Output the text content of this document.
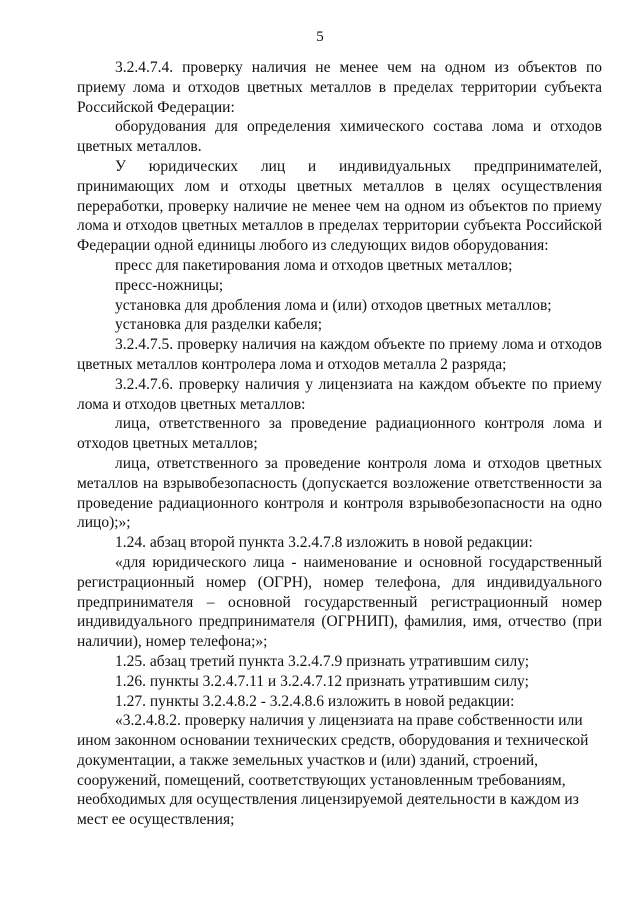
5

3.2.4.7.4. проверку наличия не менее чем на одном из объектов по приему лома и отходов цветных металлов в пределах территории субъекта Российской Федерации:

оборудования для определения химического состава лома и отходов цветных металлов.

У юридических лиц и индивидуальных предпринимателей, принимающих лом и отходы цветных металлов в целях осуществления переработки, проверку наличие не менее чем на одном из объектов по приему лома и отходов цветных металлов в пределах территории субъекта Российской Федерации одной единицы любого из следующих видов оборудования:

пресс для пакетирования лома и отходов цветных металлов;

пресс-ножницы;

установка для дробления лома и (или) отходов цветных металлов;

установка для разделки кабеля;

3.2.4.7.5. проверку наличия на каждом объекте по приему лома и отходов цветных металлов контролера лома и отходов металла 2 разряда;

3.2.4.7.6. проверку наличия у лицензиата на каждом объекте по приему лома и отходов цветных металлов:

лица, ответственного за проведение радиационного контроля лома и отходов цветных металлов;

лица, ответственного за проведение контроля лома и отходов цветных металлов на взрывобезопасность (допускается возложение ответственности за проведение радиационного контроля и контроля взрывобезопасности на одно лицо);»;

1.24. абзац второй пункта 3.2.4.7.8 изложить в новой редакции:

«для юридического лица - наименование и основной государственный регистрационный номер (ОГРН), номер телефона, для индивидуального предпринимателя – основной государственный регистрационный номер индивидуального предпринимателя (ОГРНИП), фамилия, имя, отчество (при наличии), номер телефона;»;

1.25. абзац третий пункта 3.2.4.7.9 признать утратившим силу;

1.26. пункты 3.2.4.7.11 и 3.2.4.7.12 признать утратившим силу;

1.27. пункты 3.2.4.8.2 - 3.2.4.8.6 изложить в новой редакции:

«3.2.4.8.2. проверку наличия у лицензиата на праве собственности или ином законном основании технических средств, оборудования и технической документации, а также земельных участков и (или) зданий, строений, сооружений, помещений, соответствующих установленным требованиям, необходимых для осуществления лицензируемой деятельности в каждом из мест ее осуществления;
